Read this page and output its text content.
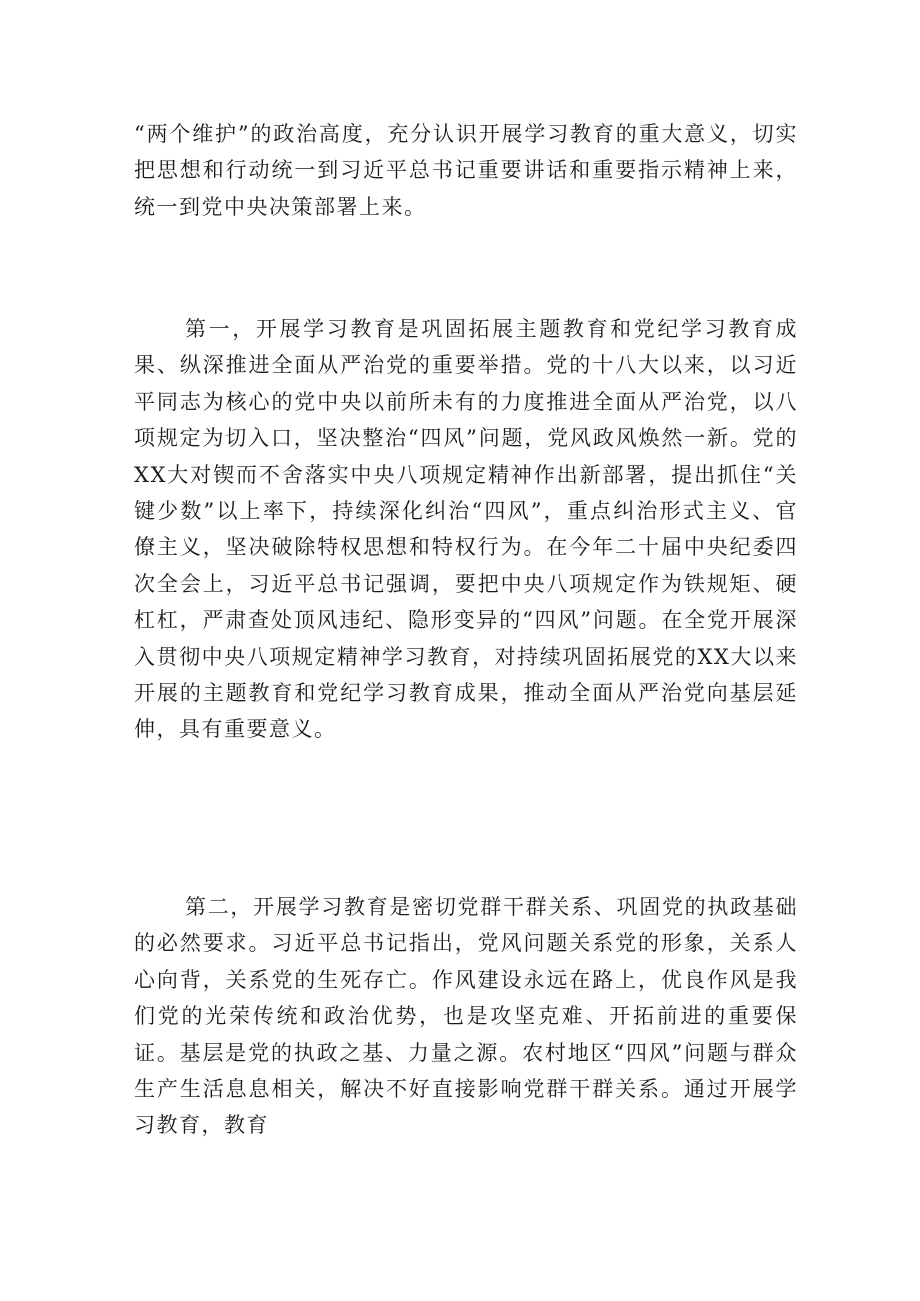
“两个维护”的政治高度，充分认识开展学习教育的重大意义，切实把思想和行动统一到习近平总书记重要讲话和重要指示精神上来，统一到党中央决策部署上来。

第一，开展学习教育是巩固拓展主题教育和党纪学习教育成果、纵深推进全面从严治党的重要举措。党的十八大以来，以习近平同志为核心的党中央以前所未有的力度推进全面从严治党，以八项规定为切入口，坚决整治“四风”问题，党风政风焕然一新。党的XX大对锲而不舍落实中央八项规定精神作出新部署，提出抓住“关键少数”以上率下，持续深化纠治“四风”，重点纠治形式主义、官僚主义，坚决破除特权思想和特权行为。在今年二十届中央纪委四次全会上，习近平总书记强调，要把中央八项规定作为铁规矩、硬杠杠，严肃查处顶风违纪、隐形变异的“四风”问题。在全党开展深入贯彻中央八项规定精神学习教育，对持续巩固拓展党的XX大以来开展的主题教育和党纪学习教育成果，推动全面从严治党向基层延伸，具有重要意义。

第二，开展学习教育是密切党群干群关系、巩固党的执政基础的必然要求。习近平总书记指出，党风问题关系党的形象，关系人心向背，关系党的生死存亡。作风建设永远在路上，优良作风是我们党的光荣传统和政治优势，也是攻坚克难、开拓前进的重要保证。基层是党的执政之基、力量之源。农村地区“四风”问题与群众生产生活息息相关，解决不好直接影响党群干群关系。通过开展学习教育，教育
